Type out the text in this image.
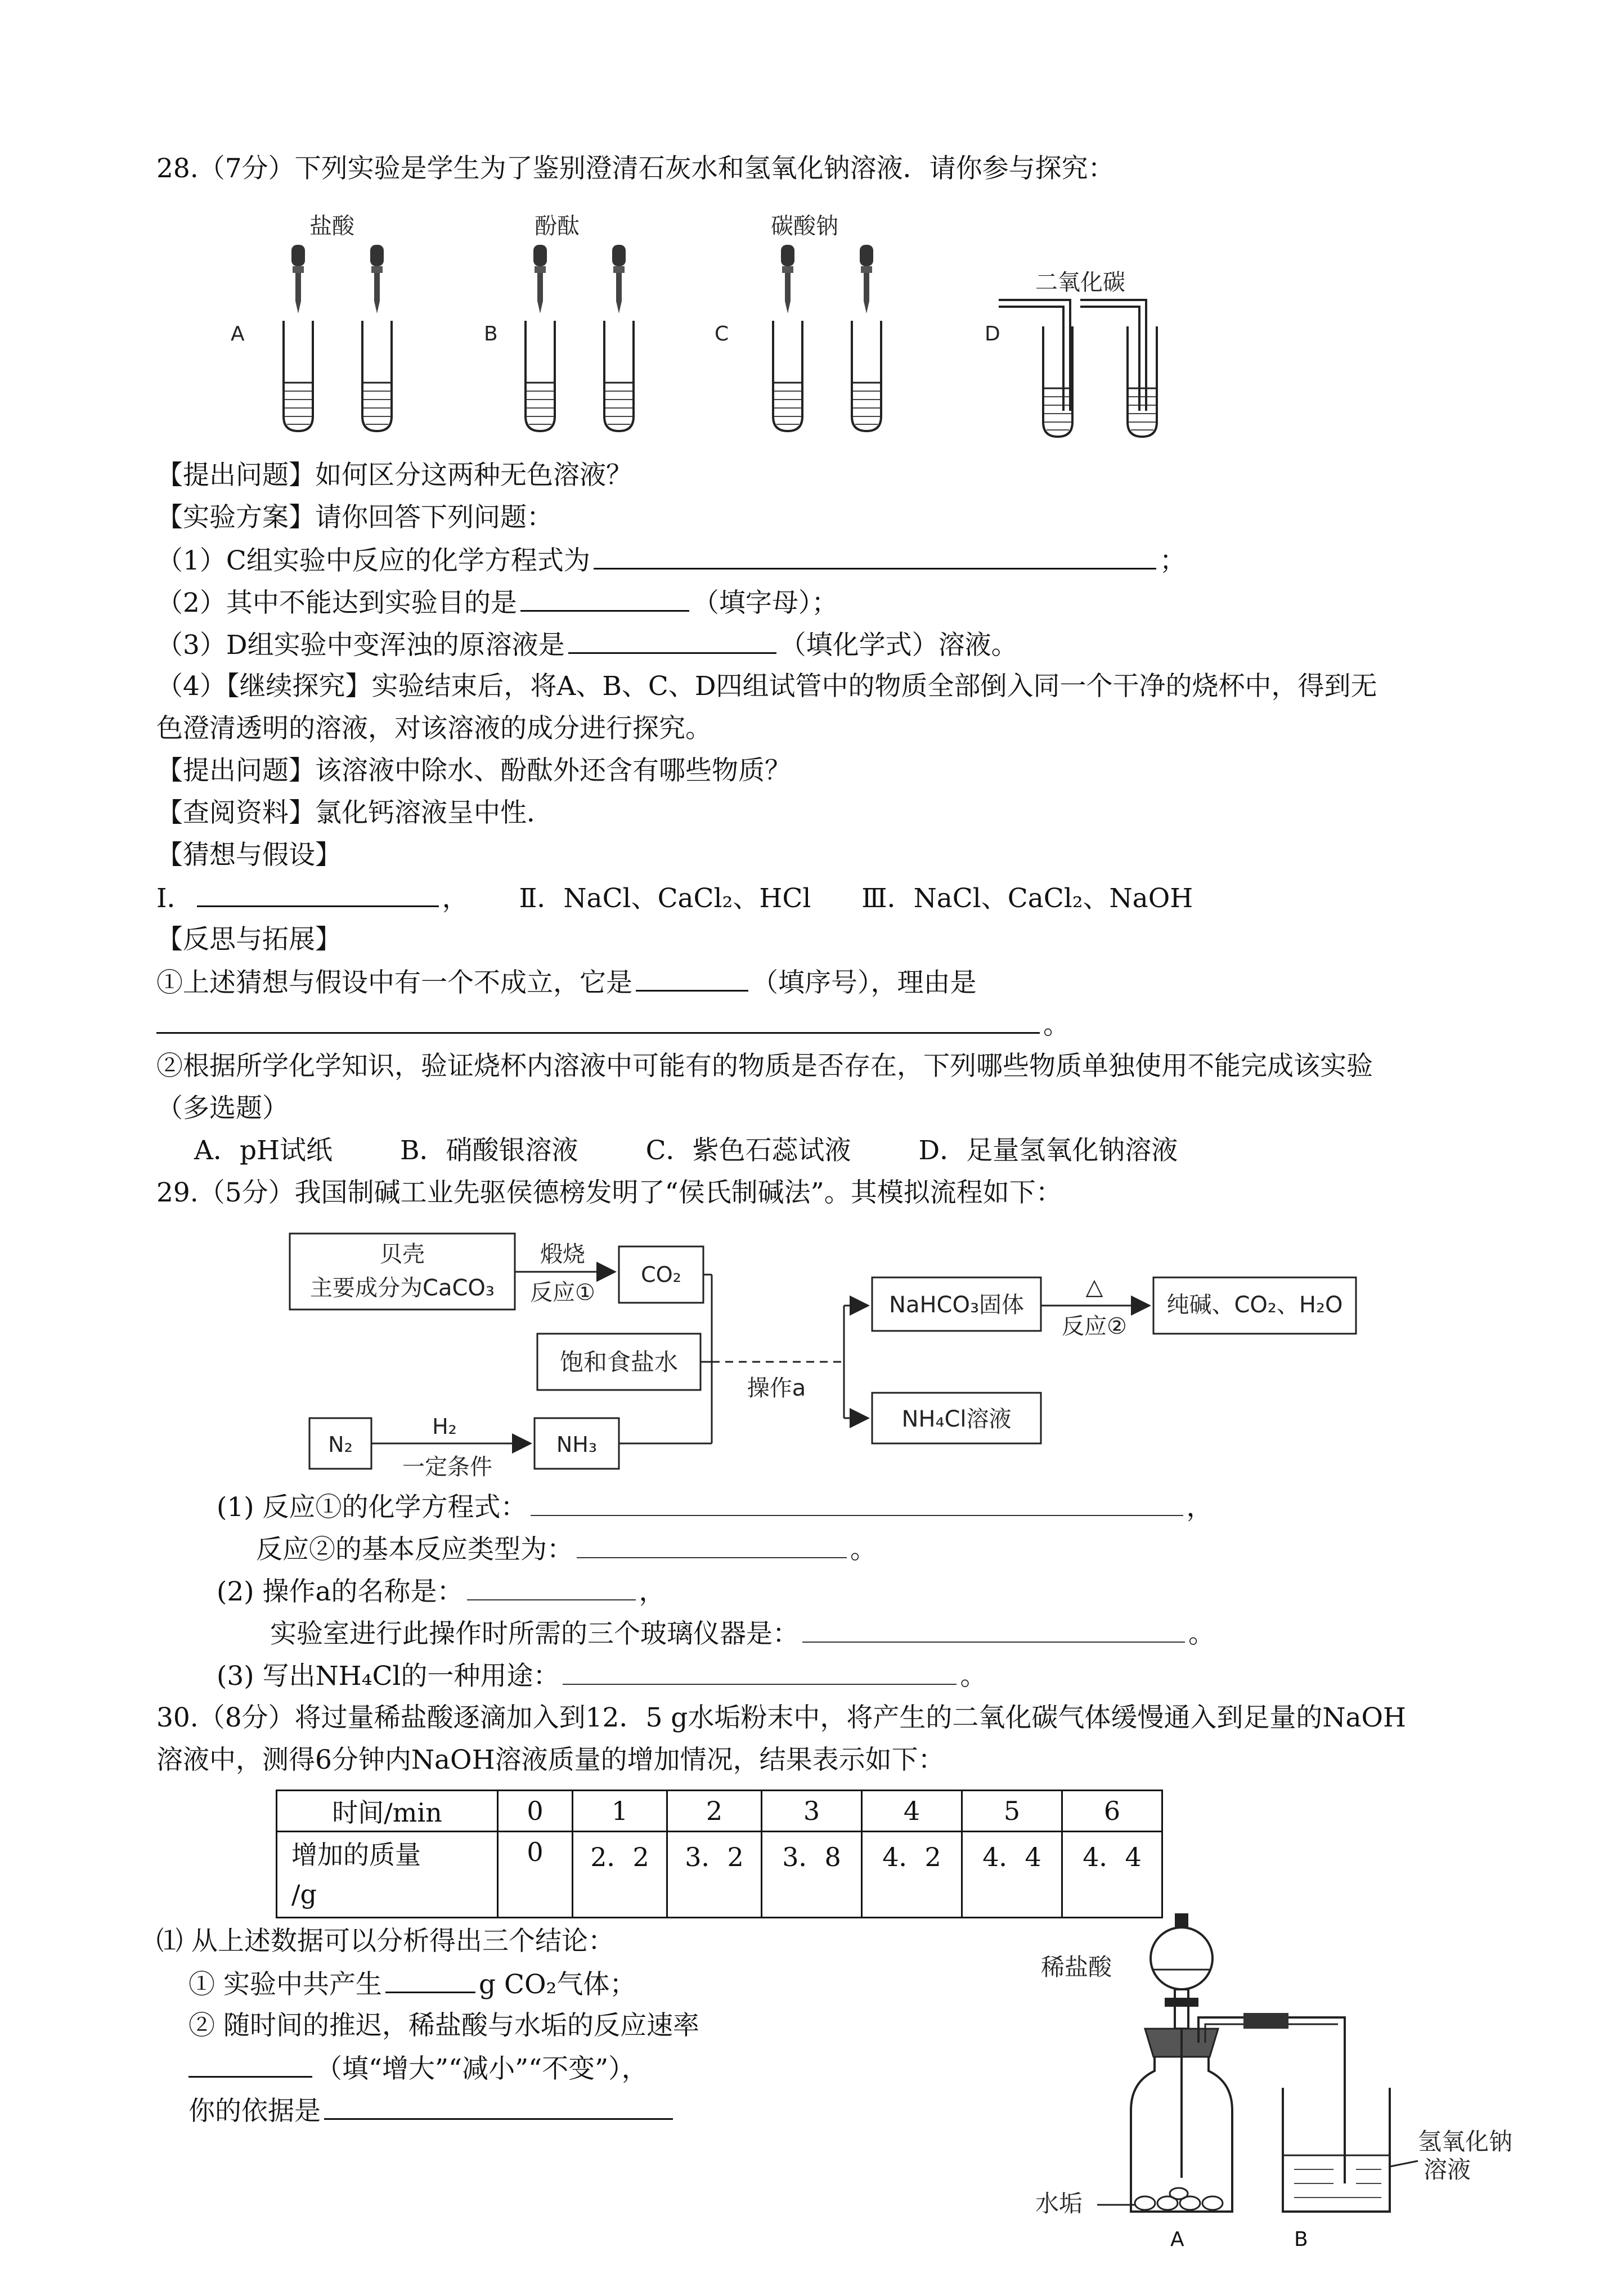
28.（7分）下列实验是学生为了鉴别澄清石灰水和氢氧化钠溶液．请你参与探究：
A
盐酸
B
酚酞
C
碳酸钠
D
二氧化碳
【提出问题】如何区分这两种无色溶液？
【实验方案】请你回答下列问题：
（1）C组实验中反应的化学方程式为	；
（2）其中不能达到实验目的是	（填字母）；
（3）D组实验中变浑浊的原溶液是	（填化学式）溶液。
（4）【继续探究】实验结束后，将A、B、C、D四组试管中的物质全部倒入同一个干净的烧杯中，得到无
色澄清透明的溶液，对该溶液的成分进行探究。
【提出问题】该溶液中除水、酚酞外还含有哪些物质？
【查阅资料】氯化钙溶液呈中性．
【猜想与假设】
Ⅰ．	， Ⅱ．NaCl、CaCl₂、HCl Ⅲ．NaCl、CaCl₂、NaOH
【反思与拓展】
①上述猜想与假设中有一个不成立，它是	（填序号），理由是
。
②根据所学化学知识，验证烧杯内溶液中可能有的物质是否存在，下列哪些物质单独使用不能完成该实验
（多选题）
A．pH试纸	B．硝酸银溶液	C．紫色石蕊试液	D．足量氢氧化钠溶液
29.（5分）我国制碱工业先驱侯德榜发明了“侯氏制碱法”。其模拟流程如下：
贝壳
主要成分为CaCO₃
煅烧
反应①
CO₂
饱和食盐水
N₂
H₂
一定条件
NH₃
操作a
NaHCO₃固体
△
反应②
纯碱、CO₂、H₂O
NH₄Cl溶液
(1) 反应①的化学方程式：	，
反应②的基本反应类型为：	。
(2) 操作a的名称是：	，
实验室进行此操作时所需的三个玻璃仪器是：	。
(3) 写出NH₄Cl的一种用途：	。
30.（8分）将过量稀盐酸逐滴加入到12．5 g水垢粉末中，将产生的二氧化碳气体缓慢通入到足量的NaOH
溶液中，测得6分钟内NaOH溶液质量的增加情况，结果表示如下：
时间/min	0	1	2	3	4	5	6

增加的质量
/g	0	2．2	3．2	3．8	4．2	4．4	4．4
⑴ 从上述数据可以分析得出三个结论：
① 实验中共产生	g CO₂气体；
② 随时间的推迟，稀盐酸与水垢的反应速率
（填“增大”“减小”“不变”），
你的依据是
稀盐酸
水垢
氢氧化钠
溶液
A	B
